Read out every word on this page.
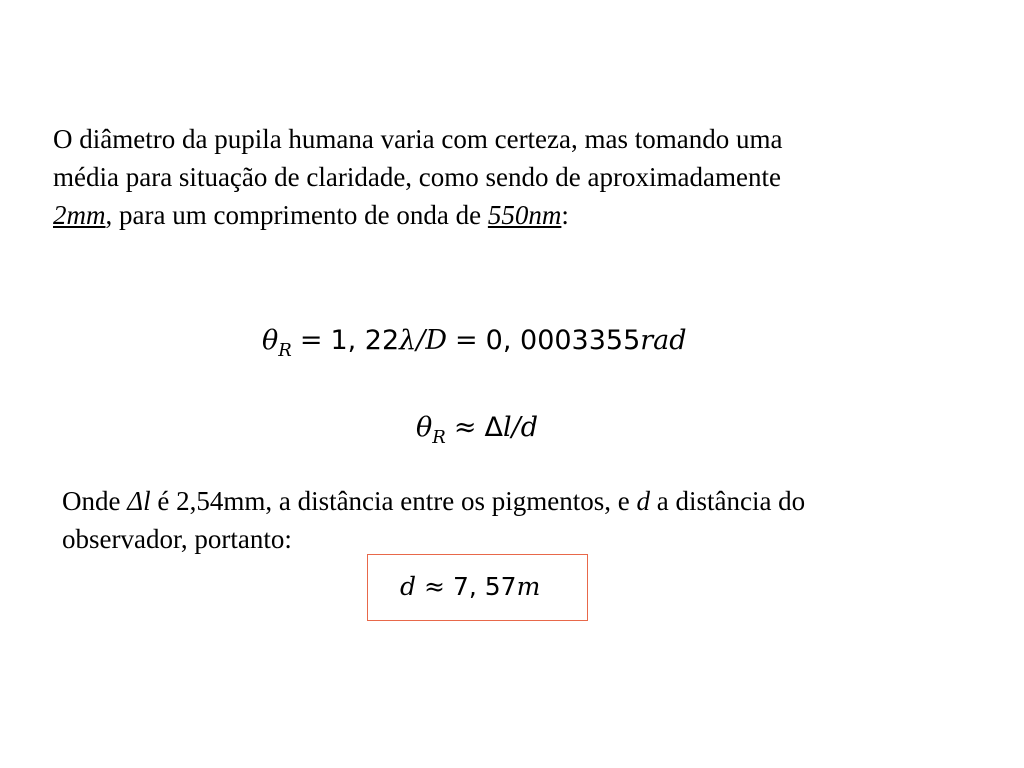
O diâmetro da pupila humana varia com certeza, mas tomando uma
média para situação de claridade, como sendo de aproximadamente
2mm, para um comprimento de onda de 550nm:
$\theta_R = 1$, 22λ/D = 0, 0003355rad
$\theta_R \approx \Delta l/d$
Onde Δl é 2,54mm, a distância entre os pigmentos, e d a distância do
observador, portanto:
d ≈ 7, 57m
